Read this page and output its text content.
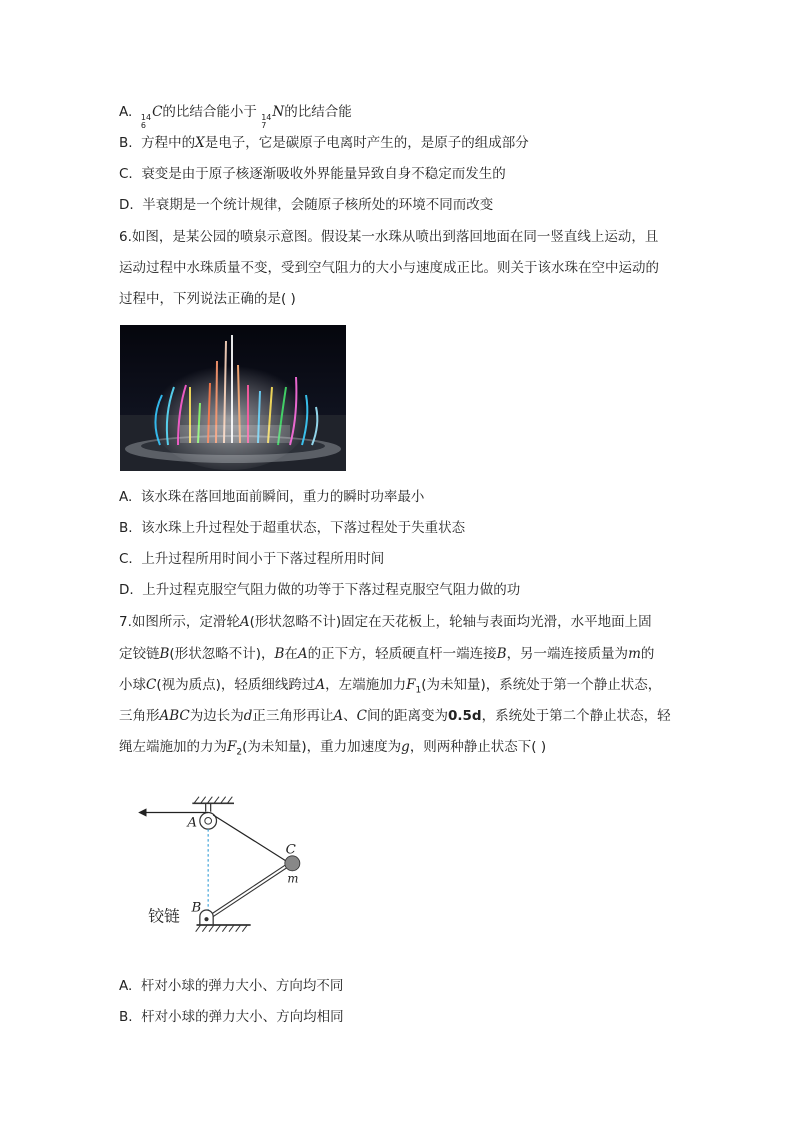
A. 14
6
C的比结合能小于 14
7
N的比结合能
B. 方程中的X是电子，它是碳原子电离时产生的，是原子的组成部分
C. 衰变是由于原子核逐渐吸收外界能量异致自身不稳定而发生的
D. 半衰期是一个统计规律，会随原子核所处的环境不同而改变
6.如图，是某公园的喷泉示意图。假设某一水珠从喷出到落回地面在同一竖直线上运动，且
运动过程中水珠质量不变，受到空气阻力的大小与速度成正比。则关于该水珠在空中运动的
过程中，下列说法正确的是( )
A. 该水珠在落回地面前瞬间，重力的瞬时功率最小
B. 该水珠上升过程处于超重状态，下落过程处于失重状态
C. 上升过程所用时间小于下落过程所用时间
D. 上升过程克服空气阻力做的功等于下落过程克服空气阻力做的功
7.如图所示，定滑轮A(形状忽略不计)固定在天花板上，轮轴与表面均光滑，水平地面上固
定铰链B(形状忽略不计)，B在A的正下方，轻质硬直杆一端连接B，另一端连接质量为m的
小球C(视为质点)，轻质细线跨过A，左端施加力$F_1$(为未知量)，系统处于第一个静止状态，
三角形ABC为边长为d正三角形再让A、C间的距离变为0.5d，系统处于第二个静止状态，轻
绳左端施加的力为$F_2$(为未知量)，重力加速度为g，则两种静止状态下( )
A
B
C
m
铰链
A. 杆对小球的弹力大小、方向均不同
B. 杆对小球的弹力大小、方向均相同
